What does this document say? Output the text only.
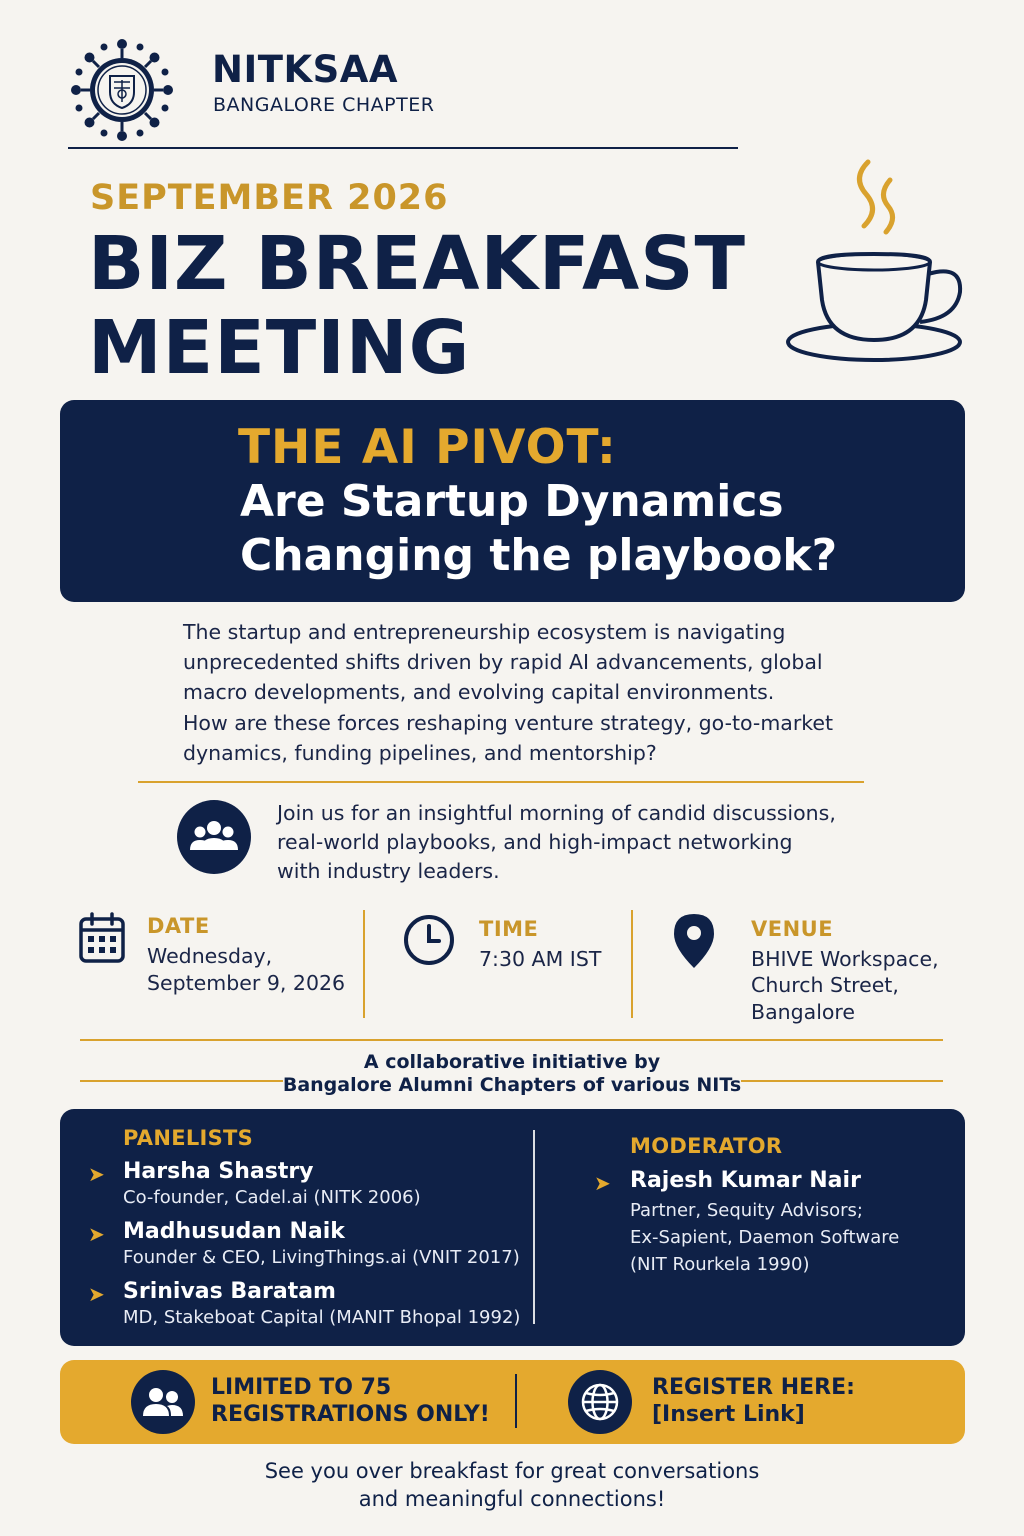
NITKSAA
BANGALORE CHAPTER
SEPTEMBER 2026
BIZ BREAKFAST
MEETING
THE AI PIVOT:
Are Startup Dynamics
Changing the playbook?
The startup and entrepreneurship ecosystem is navigating
unprecedented shifts driven by rapid AI advancements, global
macro developments, and evolving capital environments.
How are these forces reshaping venture strategy, go-to-market
dynamics, funding pipelines, and mentorship?
Join us for an insightful morning of candid discussions,
real-world playbooks, and high-impact networking
with industry leaders.
DATE
Wednesday,
September 9, 2026
TIME
7:30 AM IST
VENUE
BHIVE Workspace,
Church Street,
Bangalore
A collaborative initiative by
Bangalore Alumni Chapters of various NITs
PANELISTS
➤ Harsha Shastry
Co-founder, Cadel.ai (NITK 2006)
➤ Madhusudan Naik
Founder & CEO, LivingThings.ai (VNIT 2017)
➤ Srinivas Baratam
MD, Stakeboat Capital (MANIT Bhopal 1992)
MODERATOR
➤ Rajesh Kumar Nair
Partner, Sequity Advisors;
Ex-Sapient, Daemon Software
(NIT Rourkela 1990)
LIMITED TO 75
REGISTRATIONS ONLY!
REGISTER HERE:
[Insert Link]
See you over breakfast for great conversations
and meaningful connections!
